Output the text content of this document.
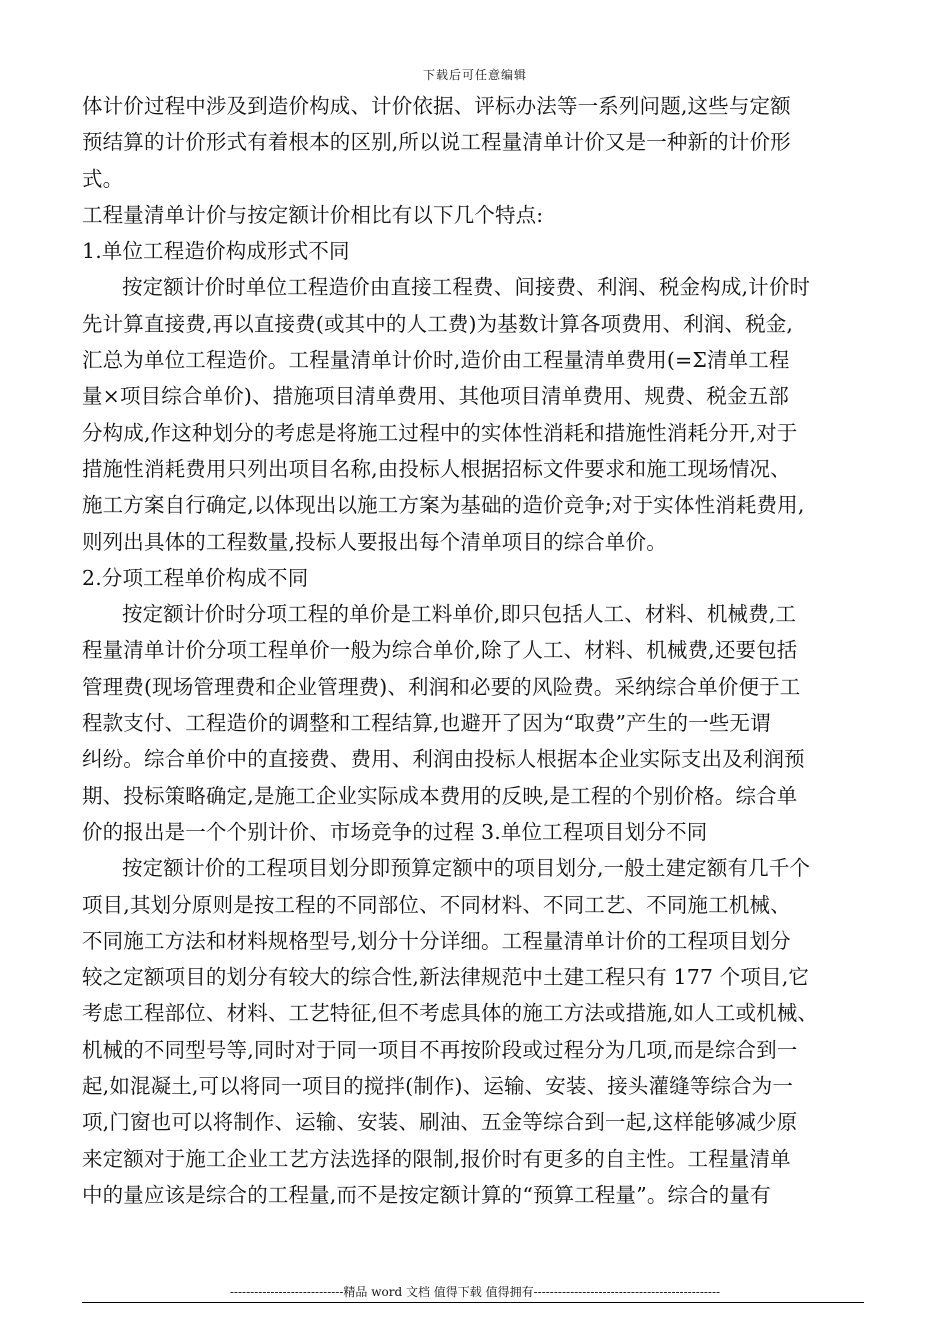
下载后可任意编辑
体计价过程中涉及到造价构成、计价依据、评标办法等一系列问题,这些与定额
预结算的计价形式有着根本的区别,所以说工程量清单计价又是一种新的计价形
式。
工程量清单计价与按定额计价相比有以下几个特点:
1.单位工程造价构成形式不同
按定额计价时单位工程造价由直接工程费、间接费、利润、税金构成,计价时
先计算直接费,再以直接费(或其中的人工费)为基数计算各项费用、利润、税金,
汇总为单位工程造价。工程量清单计价时,造价由工程量清单费用(=Σ清单工程
量×项目综合单价)、措施项目清单费用、其他项目清单费用、规费、税金五部
分构成,作这种划分的考虑是将施工过程中的实体性消耗和措施性消耗分开,对于
措施性消耗费用只列出项目名称,由投标人根据招标文件要求和施工现场情况、
施工方案自行确定,以体现出以施工方案为基础的造价竞争;对于实体性消耗费用,
则列出具体的工程数量,投标人要报出每个清单项目的综合单价。
2.分项工程单价构成不同
按定额计价时分项工程的单价是工料单价,即只包括人工、材料、机械费,工
程量清单计价分项工程单价一般为综合单价,除了人工、材料、机械费,还要包括
管理费(现场管理费和企业管理费)、利润和必要的风险费。采纳综合单价便于工
程款支付、工程造价的调整和工程结算,也避开了因为“取费”产生的一些无谓
纠纷。综合单价中的直接费、费用、利润由投标人根据本企业实际支出及利润预
期、投标策略确定,是施工企业实际成本费用的反映,是工程的个别价格。综合单
价的报出是一个个别计价、市场竞争的过程 3.单位工程项目划分不同
按定额计价的工程项目划分即预算定额中的项目划分,一般土建定额有几千个
项目,其划分原则是按工程的不同部位、不同材料、不同工艺、不同施工机械、
不同施工方法和材料规格型号,划分十分详细。工程量清单计价的工程项目划分
较之定额项目的划分有较大的综合性,新法律规范中土建工程只有 177 个项目,它
考虑工程部位、材料、工艺特征,但不考虑具体的施工方法或措施,如人工或机械、
机械的不同型号等,同时对于同一项目不再按阶段或过程分为几项,而是综合到一
起,如混凝土,可以将同一项目的搅拌(制作)、运输、安装、接头灌缝等综合为一
项,门窗也可以将制作、运输、安装、刷油、五金等综合到一起,这样能够减少原
来定额对于施工企业工艺方法选择的限制,报价时有更多的自主性。工程量清单
中的量应该是综合的工程量,而不是按定额计算的“预算工程量”。综合的量有
----------------------------精品 word 文档 值得下载 值得拥有----------------------------------------------
